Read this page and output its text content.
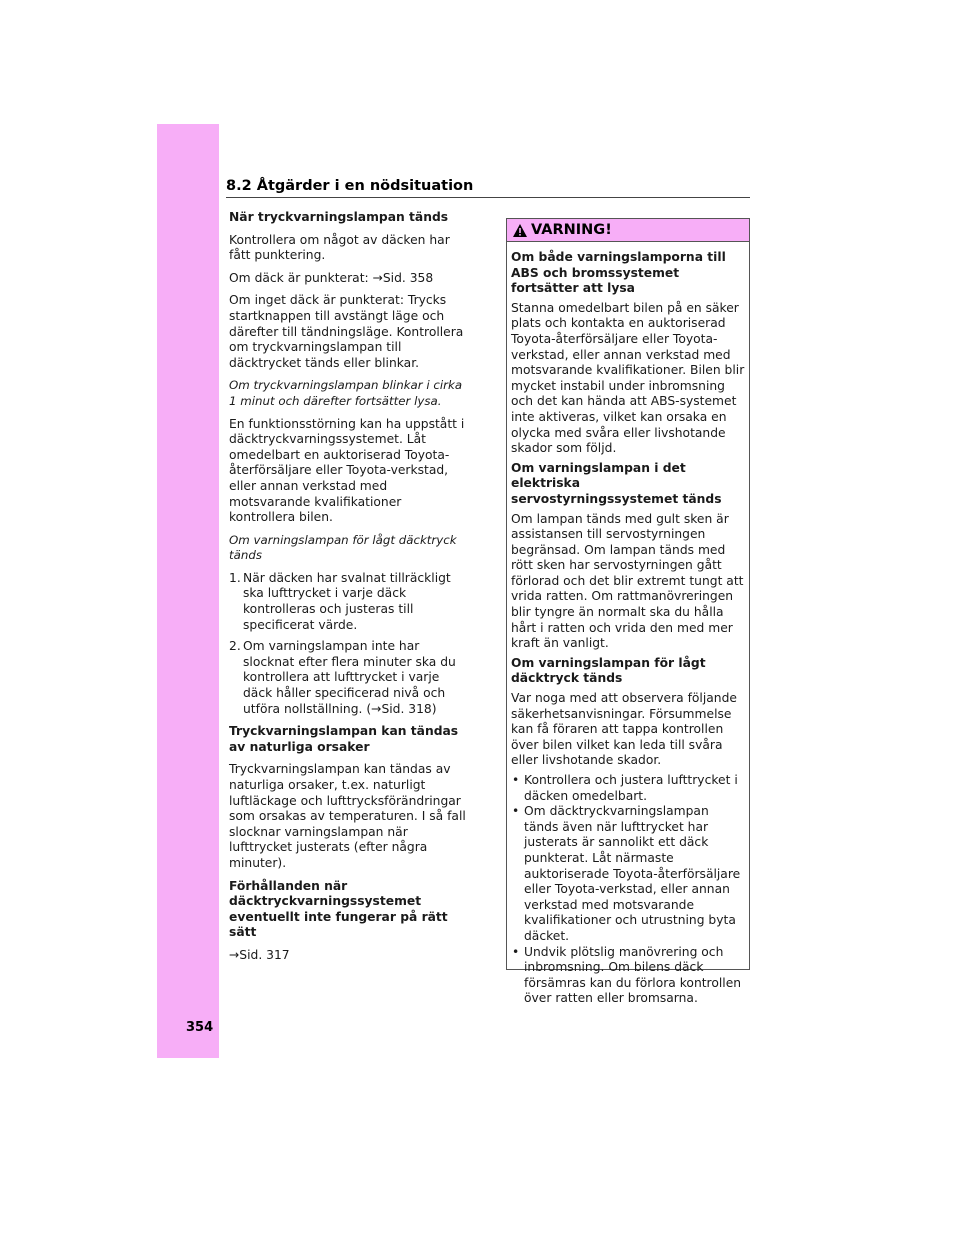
354
8.2 Åtgärder i en nödsituation

När tryckvarningslampan tänds

Kontrollera om något av däcken har fått punktering.

Om däck är punkterat: →Sid. 358

Om inget däck är punkterat: Trycks startknappen till avstängt läge och därefter till tändningsläge. Kontrollera om tryckvarningslampan till däcktrycket tänds eller blinkar.

Om tryckvarningslampan blinkar i cirka 1 minut och därefter fortsätter lysa.

En funktionsstörning kan ha uppstått i däcktryckvarningssystemet. Låt omedelbart en auktoriserad Toyota-återförsäljare eller Toyota-verkstad, eller annan verkstad med motsvarande kvalifikationer kontrollera bilen.

Om varningslampan för lågt däcktryck tänds

1. När däcken har svalnat tillräckligt ska lufttrycket i varje däck kontrolleras och justeras till specificerat värde.
2. Om varningslampan inte har slocknat efter flera minuter ska du kontrollera att lufttrycket i varje däck håller specificerad nivå och utföra nollställning. (→Sid. 318)

Tryckvarningslampan kan tändas av naturliga orsaker

Tryckvarningslampan kan tändas av naturliga orsaker, t.ex. naturligt luftläckage och lufttrycksförändringar som orsakas av temperaturen. I så fall slocknar varningslampan när lufttrycket justerats (efter några minuter).

Förhållanden när däcktryckvarningssystemet eventuellt inte fungerar på rätt sätt

→Sid. 317

VARNING!

Om både varningslamporna till ABS och bromssystemet fortsätter att lysa

Stanna omedelbart bilen på en säker plats och kontakta en auktoriserad Toyota-återförsäljare eller Toyota-verkstad, eller annan verkstad med motsvarande kvalifikationer. Bilen blir mycket instabil under inbromsning och det kan hända att ABS-systemet inte aktiveras, vilket kan orsaka en olycka med svåra eller livshotande skador som följd.

Om varningslampan i det elektriska servostyrningssystemet tänds

Om lampan tänds med gult sken är assistansen till servostyrningen begränsad. Om lampan tänds med rött sken har servostyrningen gått förlorad och det blir extremt tungt att vrida ratten. Om rattmanövreringen blir tyngre än normalt ska du hålla hårt i ratten och vrida den med mer kraft än vanligt.

Om varningslampan för lågt däcktryck tänds

Var noga med att observera följande säkerhetsanvisningar. Försummelse kan få föraren att tappa kontrollen över bilen vilket kan leda till svåra eller livshotande skador.

• Kontrollera och justera lufttrycket i däcken omedelbart.
• Om däcktryckvarningslampan tänds även när lufttrycket har justerats är sannolikt ett däck punkterat. Låt närmaste auktoriserade Toyota-återförsäljare eller Toyota-verkstad, eller annan verkstad med motsvarande kvalifikationer och utrustning byta däcket.
• Undvik plötslig manövrering och inbromsning. Om bilens däck försämras kan du förlora kontrollen över ratten eller bromsarna.
